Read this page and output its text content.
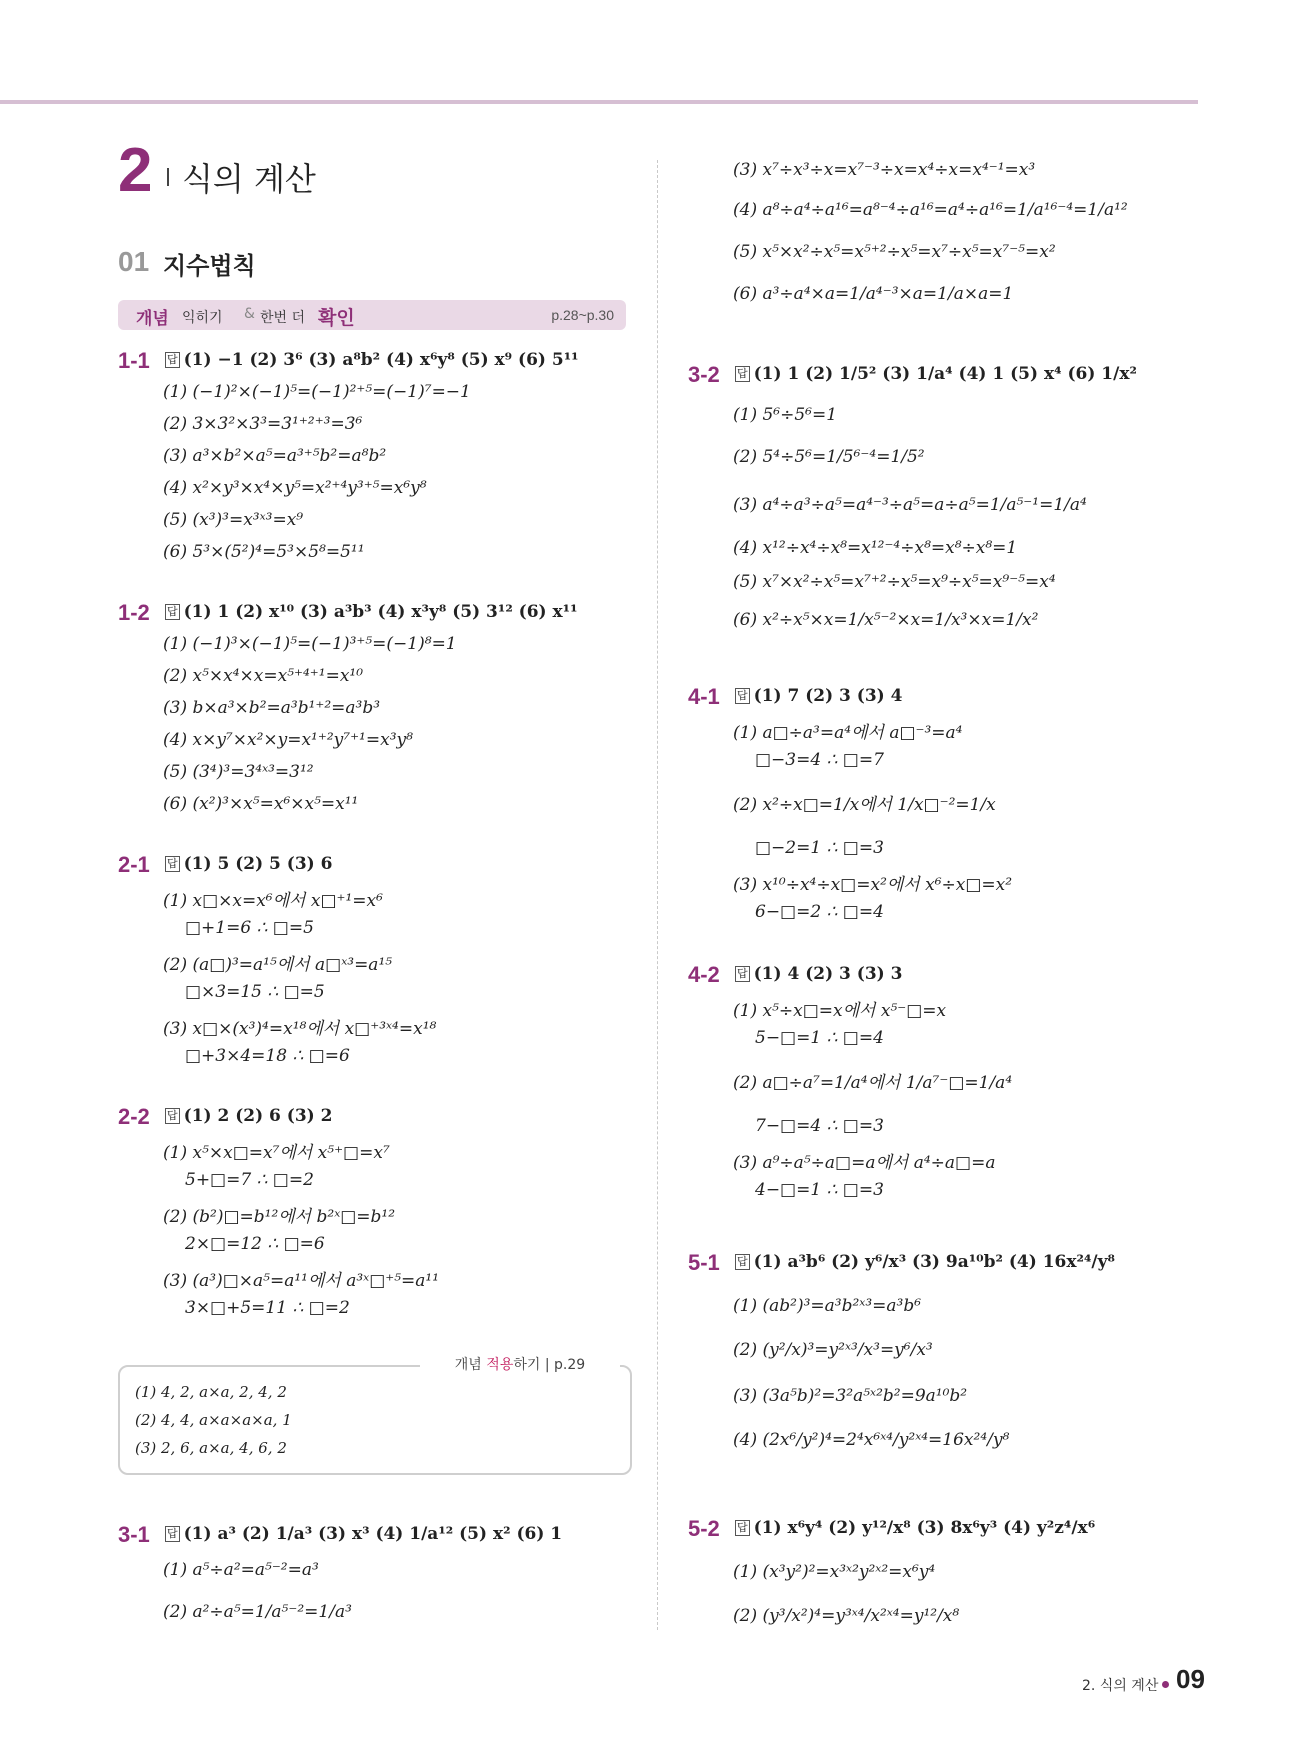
2 식의 계산
01 지수법칙
개념 익히기 & 한번 더 확인	p.28~p.30
1-1 답 (1) −1 (2) 3⁶ (3) a⁸b² (4) x⁶y⁸ (5) x⁹ (6) 5¹¹
(1) (−1)²×(−1)⁵=(−1)²⁺⁵=(−1)⁷=−1
(2) 3×3²×3³=3¹⁺²⁺³=3⁶
(3) a³×b²×a⁵=a³⁺⁵b²=a⁸b²
(4) x²×y³×x⁴×y⁵=x²⁺⁴y³⁺⁵=x⁶y⁸
(5) (x³)³=x³ˣ³=x⁹
(6) 5³×(5²)⁴=5³×5⁸=5¹¹
1-2 답 (1) 1 (2) x¹⁰ (3) a³b³ (4) x³y⁸ (5) 3¹² (6) x¹¹
(1) (−1)³×(−1)⁵=(−1)³⁺⁵=(−1)⁸=1
(2) x⁵×x⁴×x=x⁵⁺⁴⁺¹=x¹⁰
(3) b×a³×b²=a³b¹⁺²=a³b³
(4) x×y⁷×x²×y=x¹⁺²y⁷⁺¹=x³y⁸
(5) (3⁴)³=3⁴ˣ³=3¹²
(6) (x²)³×x⁵=x⁶×x⁵=x¹¹
2-1 답 (1) 5 (2) 5 (3) 6
(1) x□×x=x⁶에서 x□⁺¹=x⁶
□+1=6 ∴ □=5
(2) (a□)³=a¹⁵에서 a□ˣ³=a¹⁵
□×3=15 ∴ □=5
(3) x□×(x³)⁴=x¹⁸에서 x□⁺³ˣ⁴=x¹⁸
□+3×4=18 ∴ □=6
2-2 답 (1) 2 (2) 6 (3) 2
(1) x⁵×x□=x⁷에서 x⁵⁺□=x⁷
5+□=7 ∴ □=2
(2) (b²)□=b¹²에서 b²ˣ□=b¹²
2×□=12 ∴ □=6
(3) (a³)□×a⁵=a¹¹에서 a³ˣ□⁺⁵=a¹¹
3×□+5=11 ∴ □=2
개념 적용하기 | p.29
(1) 4, 2, a×a, 2, 4, 2
(2) 4, 4, a×a×a×a, 1
(3) 2, 6, a×a, 4, 6, 2
3-1 답 (1) a³ (2) 1/a³ (3) x³ (4) 1/a¹² (5) x² (6) 1
(1) a⁵÷a²=a⁵⁻²=a³
(2) a²÷a⁵=1/a⁵⁻²=1/a³
(3) x⁷÷x³÷x=x⁷⁻³÷x=x⁴÷x=x⁴⁻¹=x³
(4) a⁸÷a⁴÷a¹⁶=a⁸⁻⁴÷a¹⁶=a⁴÷a¹⁶=1/a¹⁶⁻⁴=1/a¹²
(5) x⁵×x²÷x⁵=x⁵⁺²÷x⁵=x⁷÷x⁵=x⁷⁻⁵=x²
(6) a³÷a⁴×a=1/a⁴⁻³×a=1/a×a=1
3-2 답 (1) 1 (2) 1/5² (3) 1/a⁴ (4) 1 (5) x⁴ (6) 1/x²
(1) 5⁶÷5⁶=1
(2) 5⁴÷5⁶=1/5⁶⁻⁴=1/5²
(3) a⁴÷a³÷a⁵=a⁴⁻³÷a⁵=a÷a⁵=1/a⁵⁻¹=1/a⁴
(4) x¹²÷x⁴÷x⁸=x¹²⁻⁴÷x⁸=x⁸÷x⁸=1
(5) x⁷×x²÷x⁵=x⁷⁺²÷x⁵=x⁹÷x⁵=x⁹⁻⁵=x⁴
(6) x²÷x⁵×x=1/x⁵⁻²×x=1/x³×x=1/x²
4-1 답 (1) 7 (2) 3 (3) 4
(1) a□÷a³=a⁴에서 a□⁻³=a⁴
□−3=4 ∴ □=7
(2) x²÷x□=1/x에서 1/x□⁻²=1/x
□−2=1 ∴ □=3
(3) x¹⁰÷x⁴÷x□=x²에서 x⁶÷x□=x²
6−□=2 ∴ □=4
4-2 답 (1) 4 (2) 3 (3) 3
(1) x⁵÷x□=x에서 x⁵⁻□=x
5−□=1 ∴ □=4
(2) a□÷a⁷=1/a⁴에서 1/a⁷⁻□=1/a⁴
7−□=4 ∴ □=3
(3) a⁹÷a⁵÷a□=a에서 a⁴÷a□=a
4−□=1 ∴ □=3
5-1 답 (1) a³b⁶ (2) y⁶/x³ (3) 9a¹⁰b² (4) 16x²⁴/y⁸
(1) (ab²)³=a³b²ˣ³=a³b⁶
(2) (y²/x)³=y²ˣ³/x³=y⁶/x³
(3) (3a⁵b)²=3²a⁵ˣ²b²=9a¹⁰b²
(4) (2x⁶/y²)⁴=2⁴x⁶ˣ⁴/y²ˣ⁴=16x²⁴/y⁸
5-2 답 (1) x⁶y⁴ (2) y¹²/x⁸ (3) 8x⁶y³ (4) y²z⁴/x⁶
(1) (x³y²)²=x³ˣ²y²ˣ²=x⁶y⁴
(2) (y³/x²)⁴=y³ˣ⁴/x²ˣ⁴=y¹²/x⁸
2. 식의 계산 09
